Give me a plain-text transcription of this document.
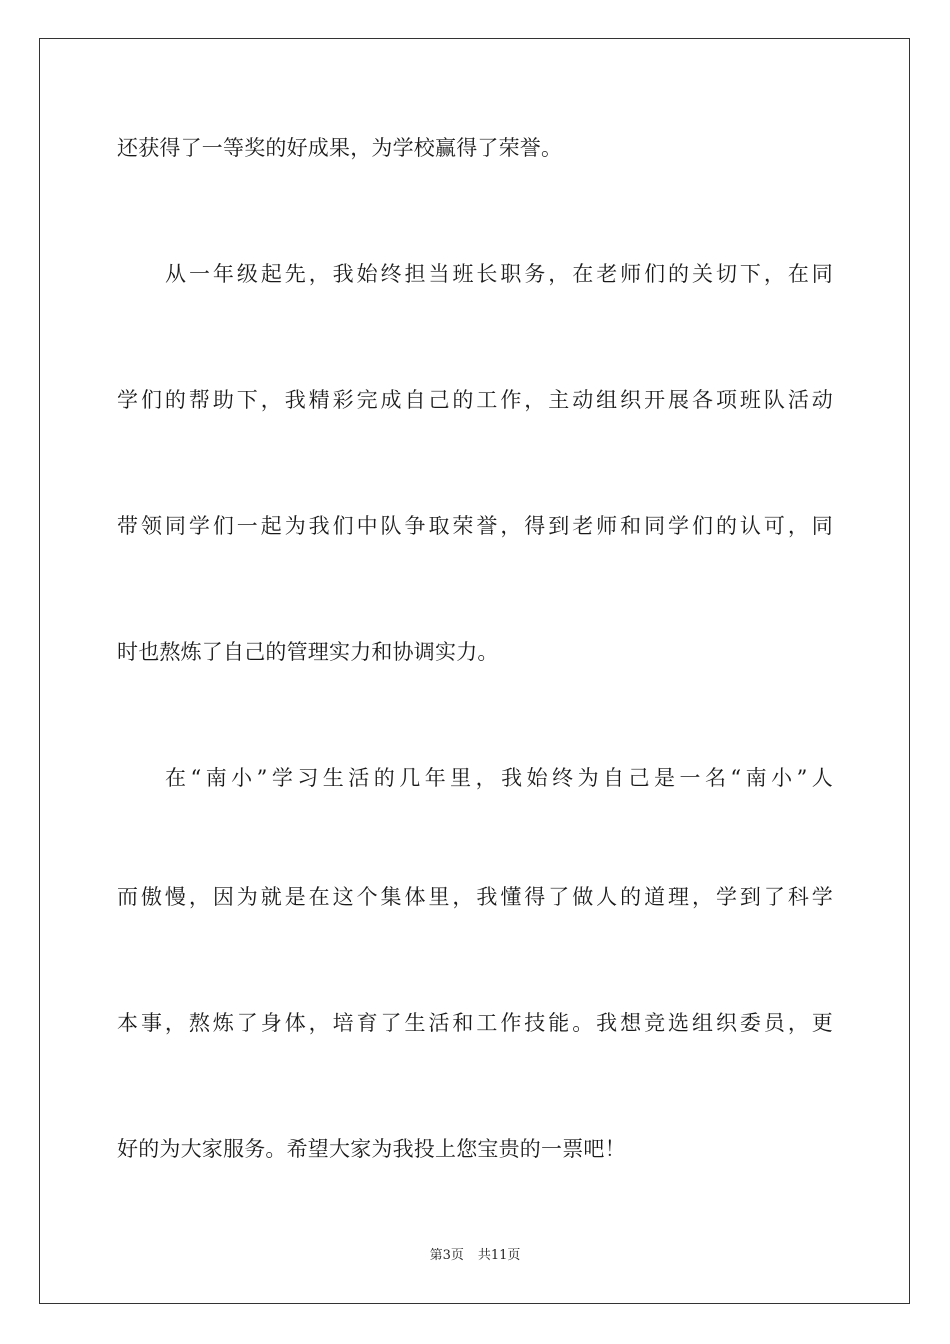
还获得了一等奖的好成果，为学校赢得了荣誉。
从一年级起先，我始终担当班长职务，在老师们的关切下，在同
学们的帮助下，我精彩完成自己的工作，主动组织开展各项班队活动
带领同学们一起为我们中队争取荣誉，得到老师和同学们的认可，同
时也熬炼了自己的管理实力和协调实力。
在“南小”学习生活的几年里，我始终为自己是一名“南小”人
而傲慢，因为就是在这个集体里，我懂得了做人的道理，学到了科学
本事，熬炼了身体，培育了生活和工作技能。我想竞选组织委员，更
好的为大家服务。希望大家为我投上您宝贵的一票吧！
第3页 共11页
